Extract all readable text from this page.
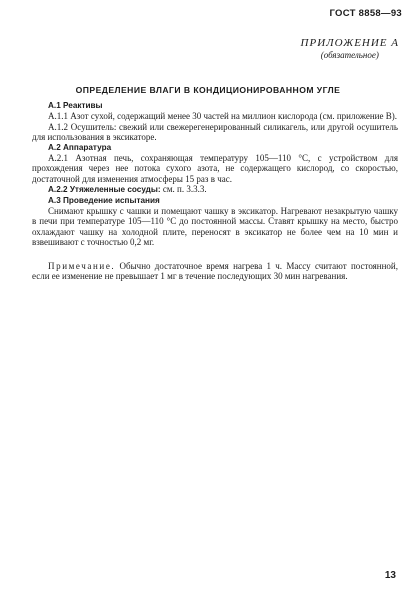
ГОСТ 8858—93
ПРИЛОЖЕНИЕ А
(обязательное)
ОПРЕДЕЛЕНИЕ ВЛАГИ В КОНДИЦИОНИРОВАННОМ УГЛЕ

А.1 Реактивы

А.1.1 Азот сухой, содержащий менее 30 частей на миллион кислорода (см. приложение В).

А.1.2 Осушитель: свежий или свежерегенерированный силикагель, или другой осушитель для использования в эксикаторе.

А.2 Аппаратура

А.2.1 Азотная печь, сохраняющая температуру 105—110 °С, с устройством для прохождения через нее потока сухого азота, не содержащего кислород, со скоростью, достаточной для изменения атмосферы 15 раз в час.

А.2.2 Утяжеленные сосуды: см. п. 3.3.3.

А.3 Проведение испытания

Снимают крышку с чашки и помещают чашку в эксикатор. Нагревают незакрытую чашку в печи при температуре 105—110 °С до постоянной массы. Ставят крышку на место, быстро охлаждают чашку на холодной плите, переносят в эксикатор не более чем на 10 мин и взвешивают с точностью 0,2 мг.

Примечание. Обычно достаточное время нагрева 1 ч. Массу считают постоянной, если ее изменение не превышает 1 мг в течение последующих 30 мин нагревания.

13
